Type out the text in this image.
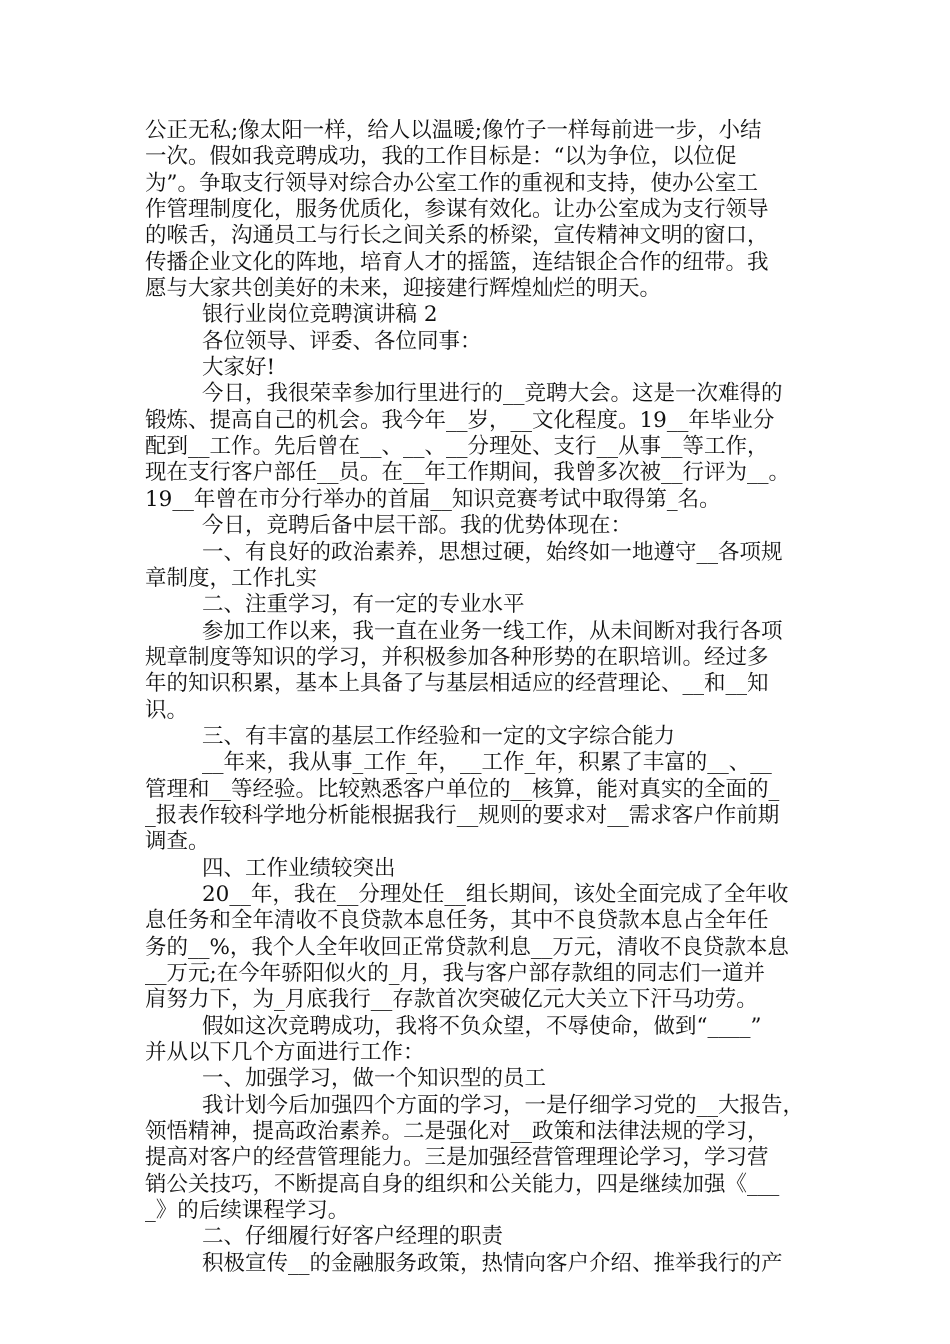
公正无私;像太阳一样，给人以温暖;像竹子一样每前进一步，小结
一次。假如我竞聘成功，我的工作目标是：“以为争位，以位促
为”。争取支行领导对综合办公室工作的重视和支持，使办公室工
作管理制度化，服务优质化，参谋有效化。让办公室成为支行领导
的喉舌，沟通员工与行长之间关系的桥梁，宣传精神文明的窗口，
传播企业文化的阵地，培育人才的摇篮，连结银企合作的纽带。我
愿与大家共创美好的未来，迎接建行辉煌灿烂的明天。
银行业岗位竞聘演讲稿 2
各位领导、评委、各位同事：
大家好!
今日，我很荣幸参加行里进行的__竞聘大会。这是一次难得的
锻炼、提高自己的机会。我今年__岁，__文化程度。19__年毕业分
配到__工作。先后曾在__、__、__分理处、支行__从事__等工作，
现在支行客户部任__员。在__年工作期间，我曾多次被__行评为__。
19__年曾在市分行举办的首届__知识竞赛考试中取得第_名。
今日，竞聘后备中层干部。我的优势体现在：
一、有良好的政治素养，思想过硬，始终如一地遵守__各项规
章制度，工作扎实
二、注重学习，有一定的专业水平
参加工作以来，我一直在业务一线工作，从未间断对我行各项
规章制度等知识的学习，并积极参加各种形势的在职培训。经过多
年的知识积累，基本上具备了与基层相适应的经营理论、__和__知
识。
三、有丰富的基层工作经验和一定的文字综合能力
__年来，我从事_工作_年，__工作_年，积累了丰富的__、__
管理和__等经验。比较熟悉客户单位的__核算，能对真实的全面的_
_报表作较科学地分析能根据我行__规则的要求对__需求客户作前期
调查。
四、工作业绩较突出
20__年，我在__分理处任__组长期间，该处全面完成了全年收
息任务和全年清收不良贷款本息任务，其中不良贷款本息占全年任
务的__%，我个人全年收回正常贷款利息__万元，清收不良贷款本息
__万元;在今年骄阳似火的_月，我与客户部存款组的同志们一道并
肩努力下，为_月底我行__存款首次突破亿元大关立下汗马功劳。
假如这次竞聘成功，我将不负众望，不辱使命，做到“____”
并从以下几个方面进行工作：
一、加强学习，做一个知识型的员工
我计划今后加强四个方面的学习，一是仔细学习党的__大报告，
领悟精神，提高政治素养。二是强化对__政策和法律法规的学习，
提高对客户的经营管理能力。三是加强经营管理理论学习，学习营
销公关技巧，不断提高自身的组织和公关能力，四是继续加强《___
_》的后续课程学习。
二、仔细履行好客户经理的职责
积极宣传__的金融服务政策，热情向客户介绍、推举我行的产
